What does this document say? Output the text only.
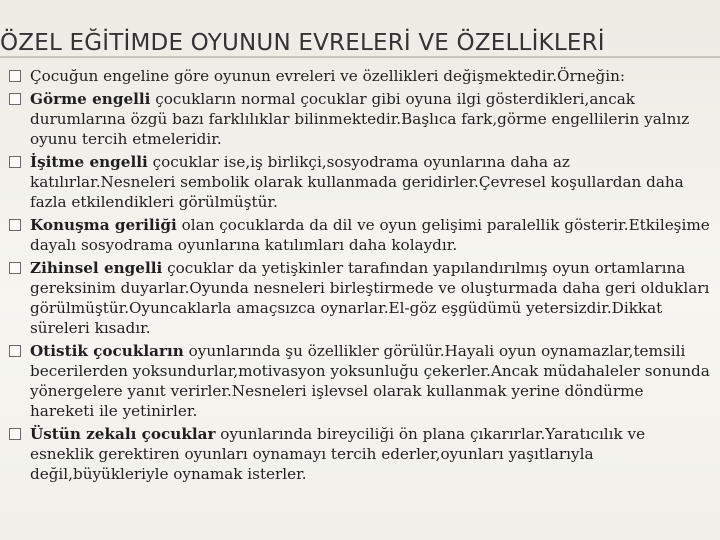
ÖZEL EĞİTİMDE OYUNUN EVRELERİ VE ÖZELLİKLERİ
Çocuğun engeline göre oyunun evreleri ve özellikleri değişmektedir.Örneğin:
Görme engelli çocukların normal çocuklar gibi oyuna ilgi gösterdikleri,ancak durumlarına özgü bazı farklılıklar bilinmektedir.Başlıca fark,görme engellilerin yalnız oyunu tercih etmeleridir.
İşitme engelli çocuklar ise,iş birlikçi,sosyodrama oyunlarına daha az katılırlar.Nesneleri sembolik olarak kullanmada geridirler.Çevresel koşullardan daha fazla etkilendikleri görülmüştür.
Konuşma geriliği olan çocuklarda da dil ve oyun gelişimi paralellik gösterir.Etkileşime dayalı sosyodrama oyunlarına katılımları daha kolaydır.
Zihinsel engelli çocuklar da yetişkinler tarafından yapılandırılmış oyun ortamlarına gereksinim duyarlar.Oyunda nesneleri birleştirmede ve oluşturmada daha geri oldukları görülmüştür.Oyuncaklarla amaçsızca oynarlar.El-göz eşgüdümü yetersizdir.Dikkat süreleri kısadır.
Otistik çocukların oyunlarında şu özellikler görülür.Hayali oyun oynamazlar,temsili becerilerden yoksundurlar,motivasyon yoksunluğu çekerler.Ancak müdahaleler sonunda yönergelere yanıt verirler.Nesneleri işlevsel olarak kullanmak yerine döndürme hareketi ile yetinirler.
Üstün zekalı çocuklar oyunlarında bireyciliği ön plana çıkarırlar.Yaratıcılık ve esneklik gerektiren oyunları oynamayı tercih ederler,oyunları yaşıtlarıyla değil,büyükleriyle oynamak isterler.
